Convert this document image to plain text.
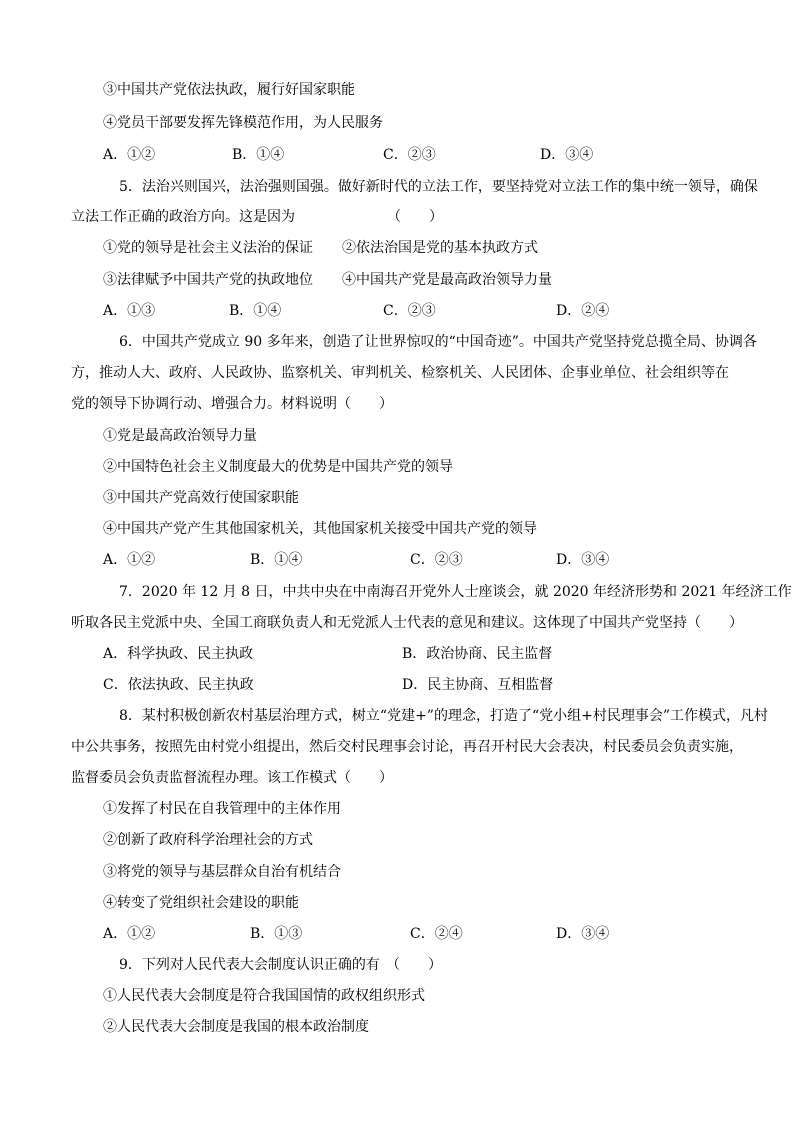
③中国共产党依法执政，履行好国家职能
④党员干部要发挥先锋模范作用，为人民服务
A．①②	B．①④	C．②③	D．③④
5．法治兴则国兴，法治强则国强。做好新时代的立法工作，要坚持党对立法工作的集中统一领导，确保
立法工作正确的政治方向。这是因为	（　　）
①党的领导是社会主义法治的保证 ②依法治国是党的基本执政方式
③法律赋予中国共产党的执政地位 ④中国共产党是最高政治领导力量
A．①③	B．①④	C．②③	D．②④
6．中国共产党成立 90 多年来，创造了让世界惊叹的“中国奇迹”。中国共产党坚持党总揽全局、协调各
方，推动人大、政府、人民政协、监察机关、审判机关、检察机关、人民团体、企事业单位、社会组织等在
党的领导下协调行动、增强合力。材料说明（　　）
①党是最高政治领导力量
②中国特色社会主义制度最大的优势是中国共产党的领导
③中国共产党高效行使国家职能
④中国共产党产生其他国家机关，其他国家机关接受中国共产党的领导
A．①②	B．①④	C．②③	D．③④
7．2020 年 12 月 8 日，中共中央在中南海召开党外人士座谈会，就 2020 年经济形势和 2021 年经济工作
听取各民主党派中央、全国工商联负责人和无党派人士代表的意见和建议。这体现了中国共产党坚持（　　）
A．科学执政、民主执政	B．政治协商、民主监督
C．依法执政、民主执政	D．民主协商、互相监督
8．某村积极创新农村基层治理方式，树立“党建+”的理念，打造了“党小组+村民理事会”工作模式，凡村
中公共事务，按照先由村党小组提出，然后交村民理事会讨论，再召开村民大会表决，村民委员会负责实施，
监督委员会负责监督流程办理。该工作模式（　　）
①发挥了村民在自我管理中的主体作用
②创新了政府科学治理社会的方式
③将党的领导与基层群众自治有机结合
④转变了党组织社会建设的职能
A．①②	B．①③	C．②④	D．③④
9．下列对人民代表大会制度认识正确的有 （　　）
①人民代表大会制度是符合我国国情的政权组织形式
②人民代表大会制度是我国的根本政治制度
